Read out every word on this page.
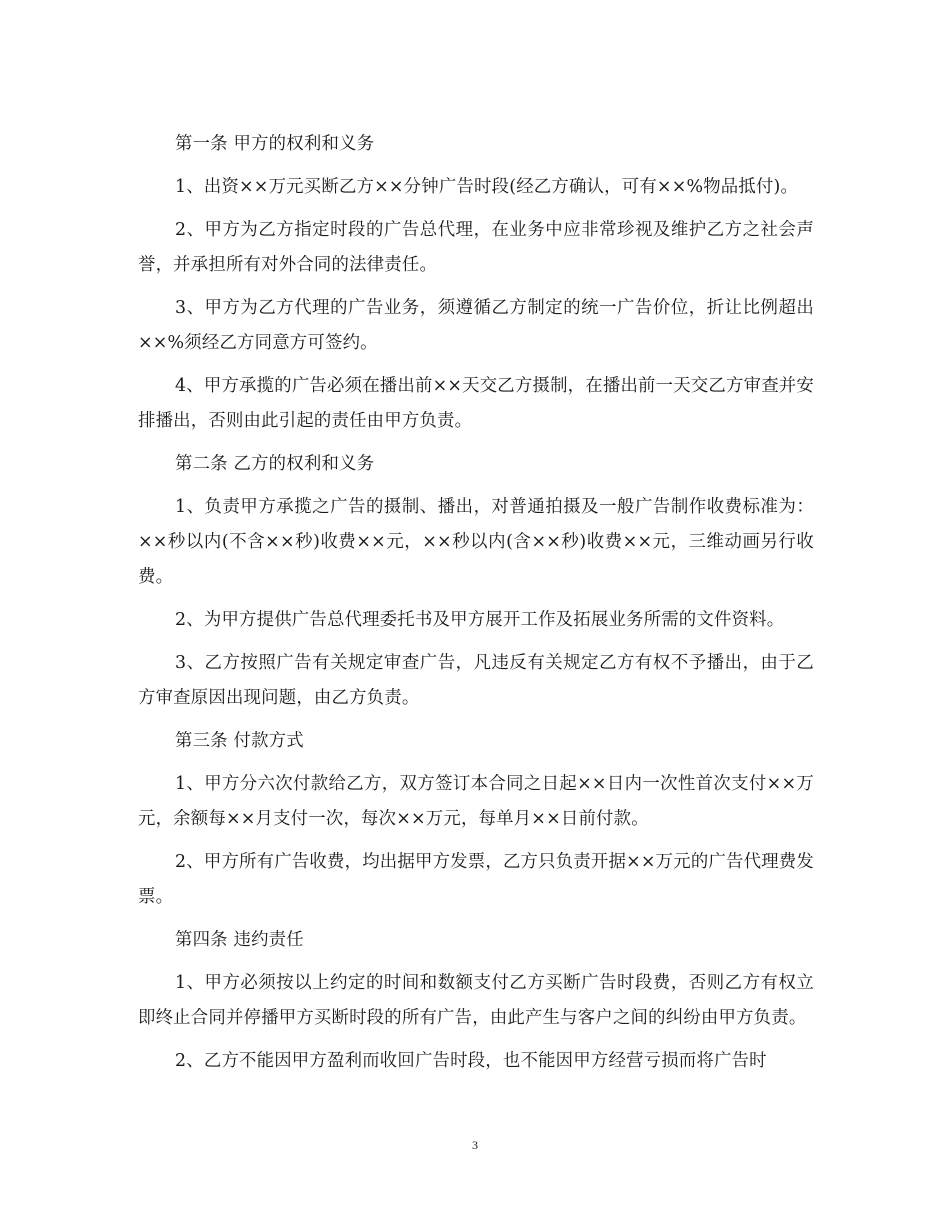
第一条 甲方的权利和义务

1、出资××万元买断乙方××分钟广告时段(经乙方确认，可有××%物品抵付)。

2、甲方为乙方指定时段的广告总代理，在业务中应非常珍视及维护乙方之社会声誉，并承担所有对外合同的法律责任。

3、甲方为乙方代理的广告业务，须遵循乙方制定的统一广告价位，折让比例超出××%须经乙方同意方可签约。

4、甲方承揽的广告必须在播出前××天交乙方摄制，在播出前一天交乙方审查并安排播出，否则由此引起的责任由甲方负责。

第二条 乙方的权利和义务

1、负责甲方承揽之广告的摄制、播出，对普通拍摄及一般广告制作收费标准为：××秒以内(不含××秒)收费××元，××秒以内(含××秒)收费××元，三维动画另行收费。

2、为甲方提供广告总代理委托书及甲方展开工作及拓展业务所需的文件资料。

3、乙方按照广告有关规定审查广告，凡违反有关规定乙方有权不予播出，由于乙方审查原因出现问题，由乙方负责。

第三条 付款方式

1、甲方分六次付款给乙方，双方签订本合同之日起××日内一次性首次支付××万元，余额每××月支付一次，每次××万元，每单月××日前付款。

2、甲方所有广告收费，均出据甲方发票，乙方只负责开据××万元的广告代理费发票。

第四条 违约责任

1、甲方必须按以上约定的时间和数额支付乙方买断广告时段费，否则乙方有权立即终止合同并停播甲方买断时段的所有广告，由此产生与客户之间的纠纷由甲方负责。

2、乙方不能因甲方盈利而收回广告时段，也不能因甲方经营亏损而将广告时

3
